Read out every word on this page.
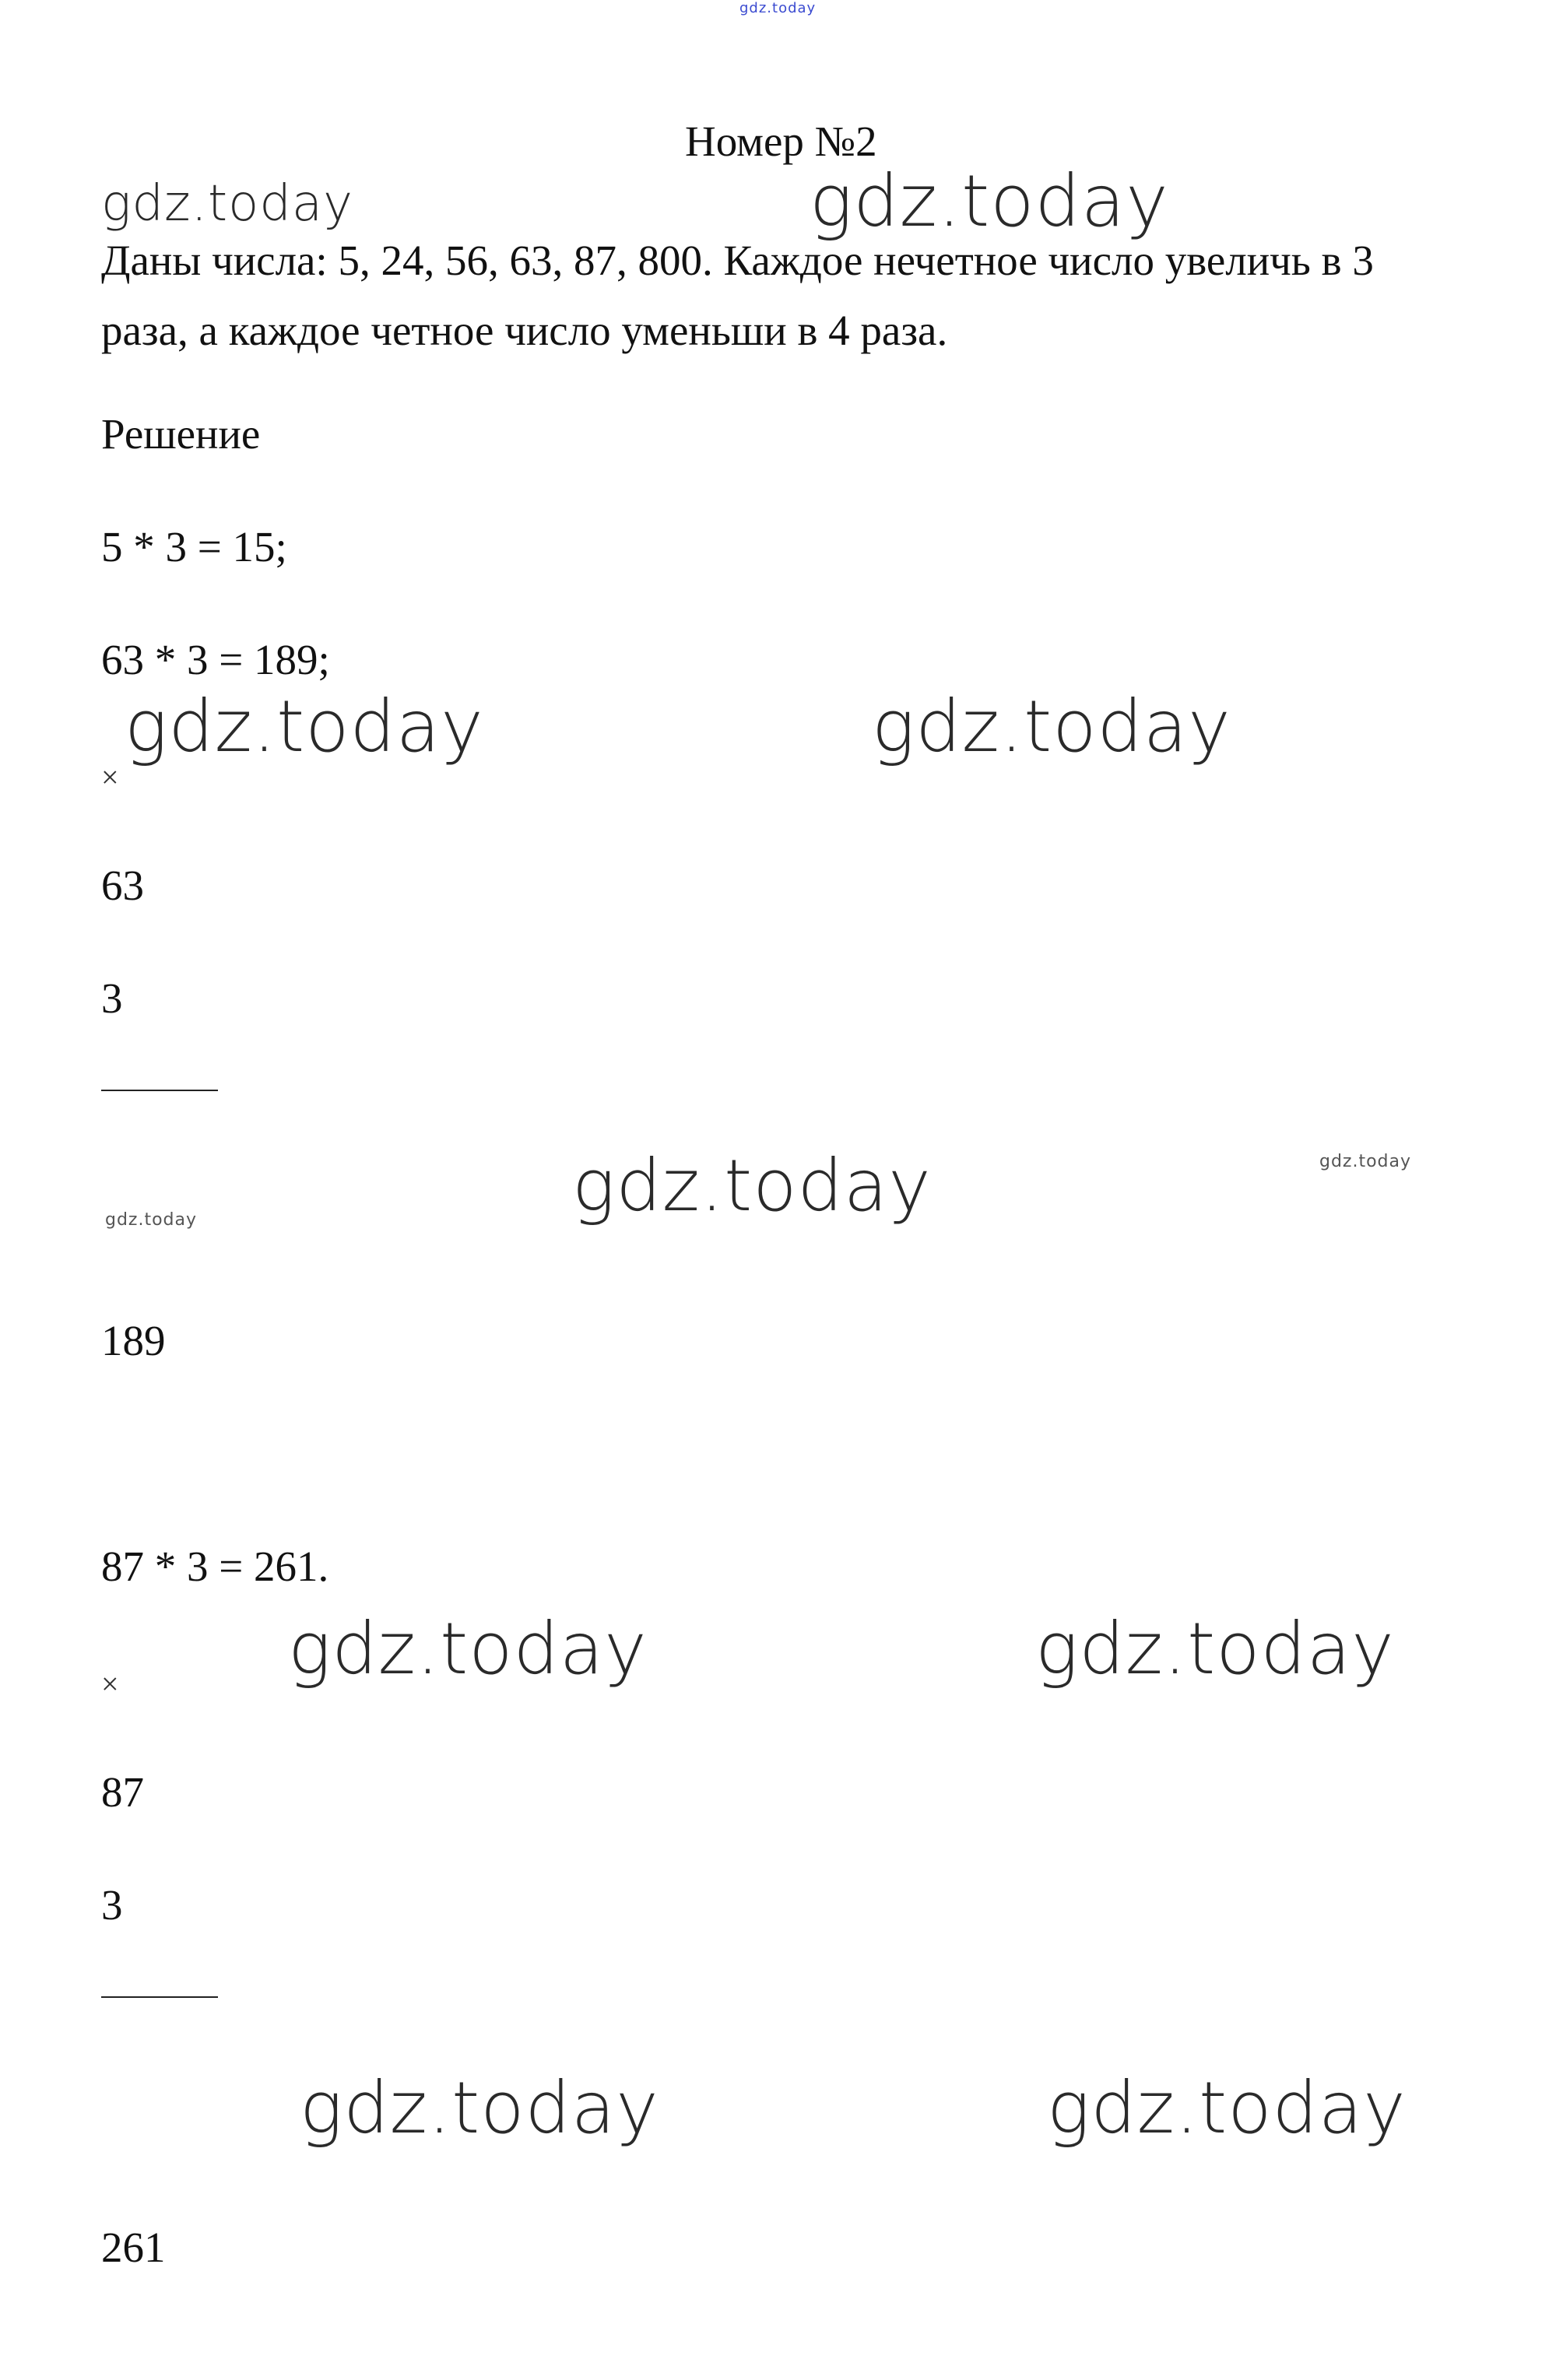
gdz.today
Номер №2
gdz.today	gdz.today
Даны числа: 5, 24, 56, 63, 87, 800. Каждое нечетное число увеличь в 3 раза, а каждое четное число уменьши в 4 раза.
Решение
5 * 3 = 15;
63 * 3 = 189;
gdz.today	gdz.today
×
63
3
gdz.today	gdz.today
gdz.today
189
87 * 3 = 261.
gdz.today	gdz.today
×
87
3
gdz.today	gdz.today
261
